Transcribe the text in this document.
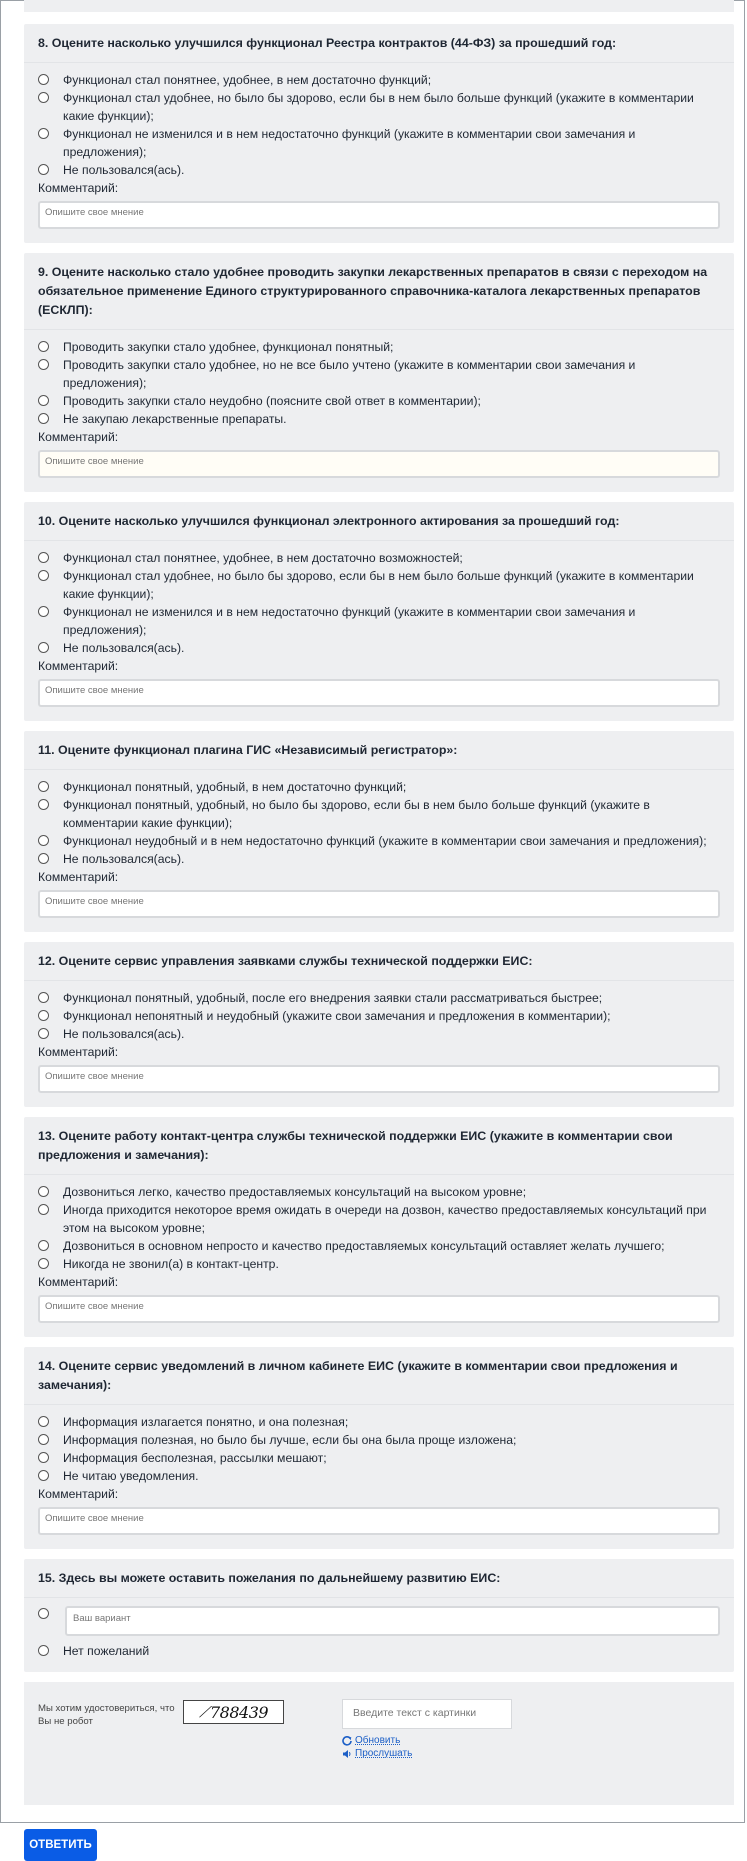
8. Оцените насколько улучшился функционал Реестра контрактов (44-ФЗ) за прошедший год:
Функционал стал понятнее, удобнее, в нем достаточно функций;
Функционал стал удобнее, но было бы здорово, если бы в нем было больше функций (укажите в комментарии какие функции);
Функционал не изменился и в нем недостаточно функций (укажите в комментарии свои замечания и предложения);
Не пользовался(ась).
Комментарий:
Опишите свое мнение
9. Оцените насколько стало удобнее проводить закупки лекарственных препаратов в связи с переходом на обязательное применение Единого структурированного справочника-каталога лекарственных препаратов (ЕСКЛП):
Проводить закупки стало удобнее, функционал понятный;
Проводить закупки стало удобнее, но не все было учтено (укажите в комментарии свои замечания и предложения);
Проводить закупки стало неудобно (поясните свой ответ в комментарии);
Не закупаю лекарственные препараты.
Комментарий:
Опишите свое мнение
10. Оцените насколько улучшился функционал электронного актирования за прошедший год:
Функционал стал понятнее, удобнее, в нем достаточно возможностей;
Функционал стал удобнее, но было бы здорово, если бы в нем было больше функций (укажите в комментарии какие функции);
Функционал не изменился и в нем недостаточно функций (укажите в комментарии свои замечания и предложения);
Не пользовался(ась).
Комментарий:
Опишите свое мнение
11. Оцените функционал плагина ГИС «Независимый регистратор»:
Функционал понятный, удобный, в нем достаточно функций;
Функционал понятный, удобный, но было бы здорово, если бы в нем было больше функций (укажите в комментарии какие функции);
Функционал неудобный и в нем недостаточно функций (укажите в комментарии свои замечания и предложения);
Не пользовался(ась).
Комментарий:
Опишите свое мнение
12. Оцените сервис управления заявками службы технической поддержки ЕИС:
Функционал понятный, удобный, после его внедрения заявки стали рассматриваться быстрее;
Функционал непонятный и неудобный (укажите свои замечания и предложения в комментарии);
Не пользовался(ась).
Комментарий:
Опишите свое мнение
13. Оцените работу контакт-центра службы технической поддержки ЕИС (укажите в комментарии свои предложения и замечания):
Дозвониться легко, качество предоставляемых консультаций на высоком уровне;
Иногда приходится некоторое время ожидать в очереди на дозвон, качество предоставляемых консультаций при этом на высоком уровне;
Дозвониться в основном непросто и качество предоставляемых консультаций оставляет желать лучшего;
Никогда не звонил(а) в контакт-центр.
Комментарий:
Опишите свое мнение
14. Оцените сервис уведомлений в личном кабинете ЕИС (укажите в комментарии свои предложения и замечания):
Информация излагается понятно, и она полезная;
Информация полезная, но было бы лучше, если бы она была проще изложена;
Информация бесполезная, рассылки мешают;
Не читаю уведомления.
Комментарий:
Опишите свое мнение
15. Здесь вы можете оставить пожелания по дальнейшему развитию ЕИС:
Ваш вариант
Нет пожеланий
Мы хотим удостовериться, что Вы не робот
⟋ 788439	Введите текст с картинки
Обновить
Прослушать
ОТВЕТИТЬ
